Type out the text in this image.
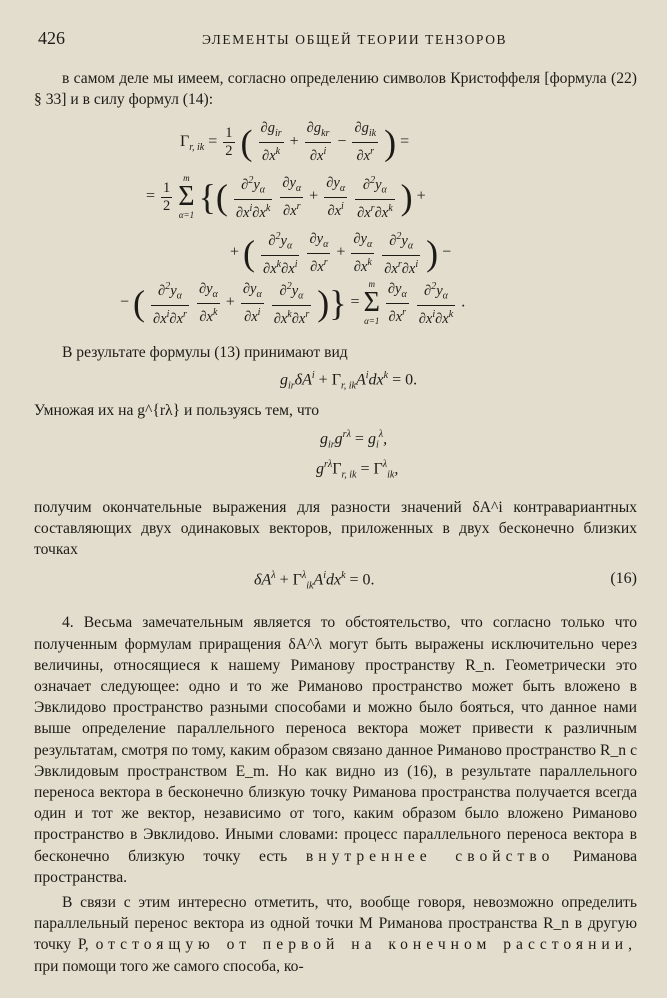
426	ЭЛЕМЕНТЫ ОБЩЕЙ ТЕОРИИ ТЕНЗОРОВ

в самом деле мы имеем, согласно определению символов Кристоффеля [формула (22) § 33] и в силу формул (14):

$\Gamma_{r, ik} = \frac{1}{2}$ ( $\frac{\partial g_{ir}}{\partial x^k} + \frac{\partial g_{kr}}{\partial x^i} - \frac{\partial g_{ik}}{\partial x^r}$ ) =
= $\frac{1}{2}$

m
Σ
α=1 {( $\frac{\partial^2y_\alpha}{\partial x^i\partial x^k}$
$\frac{\partial y_\alpha}{\partial x^r} + \frac{\partial y_\alpha}{\partial x^i}$
$\frac{\partial^2y_\alpha}{\partial x^r\partial x^k}$ ) +
+ ( $\frac{\partial^2y_\alpha}{\partial x^k\partial x^i}$
$\frac{\partial y_\alpha}{\partial x^r} + \frac{\partial y_\alpha}{\partial x^k}$
$\frac{\partial^2y_\alpha}{\partial x^r\partial x^i}$ ) −
− ( $\frac{\partial^2y_\alpha}{\partial x^i\partial x^r}$
$\frac{\partial y_\alpha}{\partial x^k} + \frac{\partial y_\alpha}{\partial x^i}$
$\frac{\partial^2y_\alpha}{\partial x^k\partial x^r}$ )} =
m
Σ
α=1
$\frac{\partial y_\alpha}{\partial x^r}$
$\frac{\partial^2y_\alpha}{\partial x^i\partial x^k}$ .

В результате формулы (13) принимают вид

$g_{ir}\delta A^i + \Gamma_{r, ik}A^idx^k = 0$.

Умножая их на g^{rλ} и пользуясь тем, что

$g_{ir}g^{r\lambda} = g_i^\lambda$,
$g^{r\lambda}\Gamma_{r, ik} = \Gamma^\lambda_{ik}$,

получим окончательные выражения для разности значений δA^i контравариантных составляющих двух одинаковых векторов, приложенных в двух бесконечно близких точках

$\delta A^\lambda + \Gamma^\lambda_{ik}A^idx^k = 0$.	(16)

4. Весьма замечательным является то обстоятельство, что согласно только что полученным формулам приращения δA^λ могут быть выражены исключительно через величины, относящиеся к нашему Риманову пространству R_n. Геометрически это означает следующее: одно и то же Риманово пространство может быть вложено в Эвклидово пространство разными способами и можно было бояться, что данное нами выше определение параллельного переноса вектора может привести к различным результатам, смотря по тому, каким образом связано данное Риманово пространство R_n с Эвклидовым пространством E_m. Но как видно из (16), в результате параллельного переноса вектора в бесконечно близкую точку Риманова пространства получается всегда один и тот же вектор, независимо от того, каким образом было вложено Риманово пространство в Эвклидово. Иными словами: процесс параллельного переноса вектора в бесконечно близкую точку есть внутреннее свойство Риманова пространства.

В связи с этим интересно отметить, что, вообще говоря, невозможно определить параллельный перенос вектора из одной точки M Риманова пространства R_n в другую точку P, отстоящую от первой на конечном расстоянии, при помощи того же самого способа, ко-
